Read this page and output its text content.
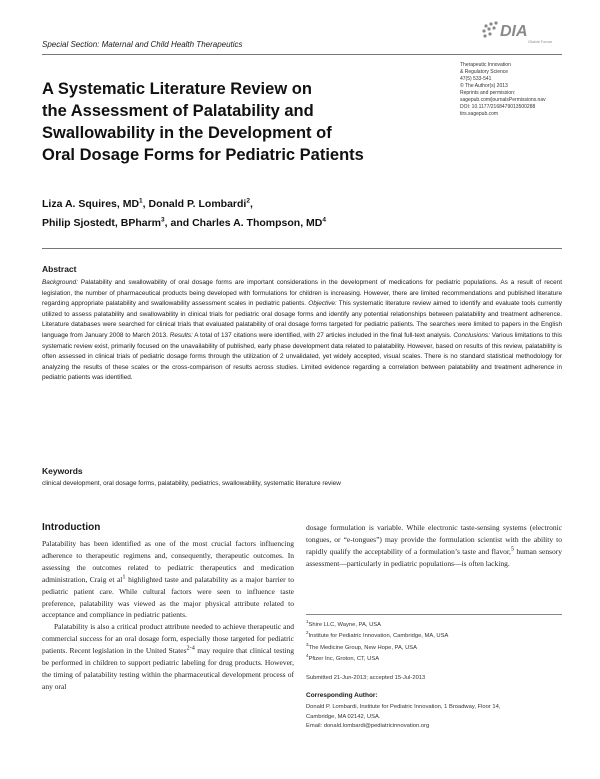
Special Section: Maternal and Child Health Therapeutics
DIA
Global Forum
Therapeutic Innovation
& Regulatory Science
47(5) 533-541
© The Author(s) 2013
Reprints and permission:
sagepub.com/journalsPermissions.nav
DOI: 10.1177/2168479013500288
tirs.sagepub.com
A Systematic Literature Review on
the Assessment of Palatability and
Swallowability in the Development of
Oral Dosage Forms for Pediatric Patients
Liza A. Squires, $MD^1$, Donald P. Lombardi$^2$,
Philip Sjostedt, BPharm$^3$, and Charles A. Thompson, $MD^4$
Abstract
Background: Palatability and swallowability of oral dosage forms are important considerations in the development of medications for pediatric populations. As a result of recent legislation, the number of pharmaceutical products being developed with formulations for children is increasing. However, there are limited recommendations and published literature regarding appropriate palatability and swallowability assessment scales in pediatric patients. Objective: This systematic literature review aimed to identify and evaluate tools currently utilized to assess palatability and swallowability in clinical trials for pediatric oral dosage forms and identify any potential relationships between palatability and treatment adherence. Literature databases were searched for clinical trials that evaluated palatability of oral dosage forms targeted for pediatric patients. The searches were limited to papers in the English language from January 2008 to March 2013. Results: A total of 137 citations were identified, with 27 articles included in the final full-text analysis. Conclusions: Various limitations to this systematic review exist, primarily focused on the unavailability of published, early phase development data related to palatability. However, based on results of this review, palatability is often assessed in clinical trials of pediatric dosage forms through the utilization of 2 unvalidated, yet widely accepted, visual scales. There is no standard statistical methodology for analyzing the results of these scales or the cross-comparison of results across studies. Limited evidence regarding a correlation between palatability and treatment adherence in pediatric patients was identified.
Keywords
clinical development, oral dosage forms, palatability, pediatrics, swallowability, systematic literature review
Introduction

Palatability has been identified as one of the most crucial factors influencing adherence to therapeutic regimens and, consequently, therapeutic outcomes. In assessing the outcomes related to pediatric therapeutics and medication administration, Craig et $al^1$ highlighted taste and palatability as a major barrier to pediatric patient care. While cultural factors were seen to influence taste preference, palatability was viewed as the major physical attribute related to acceptance and compliance in pediatric patients.

Palatability is also a critical product attribute needed to achieve therapeutic and commercial success for an oral dosage form, especially those targeted for pediatric patients. Recent legislation in the United States$^{2-4}$ may require that clinical testing be performed in children to support pediatric labeling for drug products. However, the timing of palatability testing within the pharmaceutical development process of any oral

dosage formulation is variable. While electronic taste-sensing systems (electronic tongues, or “e-tongues”) may provide the formulation scientist with the ability to rapidly qualify the acceptability of a formulation’s taste and flavor,$^5$ human sensory assessment—particularly in pediatric populations—is often lacking.

$^1$Shire LLC, Wayne, PA, USA
$^2$Institute for Pediatric Innovation, Cambridge, MA, USA
$^3$The Medicine Group, New Hope, PA, USA
$^4$Pfizer Inc, Groton, CT, USA
Submitted 21-Jun-2013; accepted 15-Jul-2013
Corresponding Author:
Donald P. Lombardi, Institute for Pediatric Innovation, 1 Broadway, Floor 14,
Cambridge, MA 02142, USA.
Email: donald.lombardi@pediatricinnovation.org
